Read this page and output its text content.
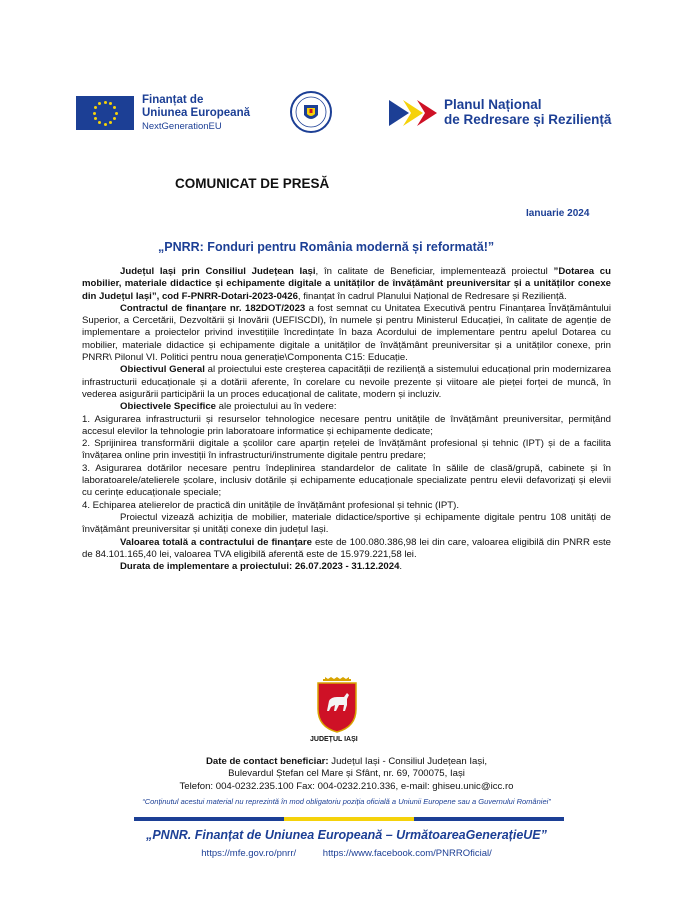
Finanțat de
Uniunea Europeană
NextGenerationEU
Planul Național
de Redresare și Reziliență
COMUNICAT DE PRESĂ
Ianuarie 2024
„PNRR: Fonduri pentru România modernă și reformată!”

Județul Iași prin Consiliul Județean Iași, în calitate de Beneficiar, implementează proiectul ”Dotarea cu mobilier, materiale didactice și echipamente digitale a unităților de învățământ preuniversitar și a unităților conexe din Județul Iași”, cod F-PNRR-Dotari-2023-0426, finanțat în cadrul Planului Național de Redresare și Reziliență.

Contractul de finanțare nr. 182DOT/2023 a fost semnat cu Unitatea Executivă pentru Finanțarea Învățământului Superior, a Cercetării, Dezvoltării și Inovării (UEFISCDI), în numele și pentru Ministerul Educației, în calitate de agenție de implementare a proiectelor privind investițiile încredințate în baza Acordului de implementare pentru apelul Dotarea cu mobilier, materiale didactice și echipamente digitale a unităților de învățământ preuniversitar și a unităților conexe, prin PNRR\ Pilonul VI. Politici pentru noua generație\Componenta C15: Educație.

Obiectivul General al proiectului este creșterea capacității de reziliență a sistemului educațional prin modernizarea infrastructurii educaționale și a dotării aferente, în corelare cu nevoile prezente și viitoare ale pieței forței de muncă, în vederea asigurării participării la un proces educațional de calitate, modern și incluziv.

Obiectivele Specifice ale proiectului au în vedere:

1. Asigurarea infrastructurii și resurselor tehnologice necesare pentru unitățile de învățământ preuniversitar, permițând accesul elevilor la tehnologie prin laboratoare informatice și echipamente dedicate;

2. Sprijinirea transformării digitale a școlilor care aparțin rețelei de învățământ profesional și tehnic (IPT) și de a facilita învățarea online prin investiții în infrastructuri/instrumente digitale pentru predare;

3. Asigurarea dotărilor necesare pentru îndeplinirea standardelor de calitate în sălile de clasă/grupă, cabinete și în laboratoarele/atelierele școlare, inclusiv dotările și echipamente educaționale specializate pentru elevii defavorizați și elevii cu cerințe educaționale speciale;

4. Echiparea atelierelor de practică din unitățile de învățământ profesional și tehnic (IPT).

Proiectul vizează achiziția de mobilier, materiale didactice/sportive și echipamente digitale pentru 108 unități de învățământ preuniversitar și unități conexe din județul Iași.

Valoarea totală a contractului de finanțare este de 100.080.386,98 lei din care, valoarea eligibilă din PNRR este de 84.101.165,40 lei, valoarea TVA eligibilă aferentă este de 15.979.221,58 lei.

Durata de implementare a proiectului: 26.07.2023 - 31.12.2024.

JUDEȚUL IAȘI

Date de contact beneficiar: Județul Iași - Consiliul Județean Iași,

Bulevardul Ștefan cel Mare și Sfânt, nr. 69, 700075, Iași

Telefon: 004-0232.235.100 Fax: 004-0232.210.336, e-mail: ghiseu.unic@icc.ro

“Conținutul acestui material nu reprezintă în mod obligatoriu poziția oficială a Uniunii Europene sau a Guvernului României”
„PNNR. Finanțat de Uniunea Europeană – UrmătoareaGenerațieUE”
https://mfe.gov.ro/pnrr/	https://www.facebook.com/PNRROficial/
